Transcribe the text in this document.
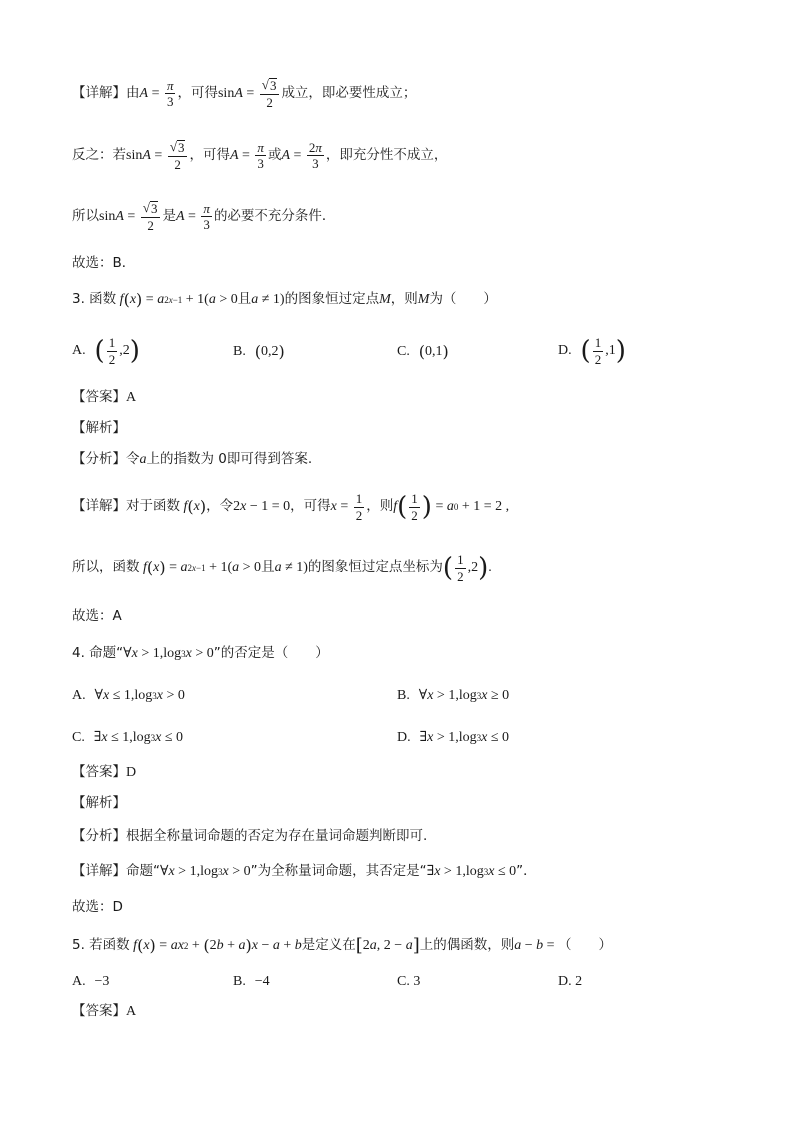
【详解】 由 $A = \frac{\pi}{3}$ ，可得 $\sin A = \frac{√ 3}{2}$ 成立，即必要性成立；
反之：若 $\sin A = \frac{√ 3}{2}$ ，可得 $A = \frac{\pi}{3}$ 或 $A = \frac{2\pi}{3}$ ，即充分性不成立，
所以 $\sin A = \frac{√ 3}{2}$ 是 $A = \frac{\pi}{3}$ 的必要不充分条件．
故选：B．
3. 函数 f ( x ) = a 2x−1 + 1( a > 0 且 a ≠ 1) 的图象恒过定点 M ，则 M 为（　　）
A.
( $\frac{1}{2} ,2$ )	B.
( 0,2 )	C.
( 0,1 )	D.
( $\frac{1}{2} ,1$ )
【答案】 A
【解析】
【分析】 令 a 上的指数为 0即可得到答案.
【详解】 对于函数 f ( x ) ，令 2 x − 1 = 0 ，可得 $x = \frac{1}{2}$ ，则 f ( $\frac{1}{2}$ ) = a 0 + 1 = 2 ,
所以，函数 f ( x ) = a 2x−1 + 1( a > 0 且 a ≠ 1) 的图象恒过定点坐标为 ( $\frac{1}{2} ,2$ ) .
故选：A
4. 命题“ ∀ x > 1,log 3 x > 0 ”的否定是（　　）
A.
∀ x ≤ 1,log 3 x > 0	B.
∀ x > 1,log 3 x ≥ 0
C.
∃ x ≤ 1,log 3 x ≤ 0	D.
∃ x > 1,log 3 x ≤ 0
【答案】 D
【解析】
【分析】 根据全称量词命题的否定为存在量词命题判断即可.
【详解】 命题“ ∀ x > 1,log 3 x > 0 ”为全称量词命题，其否定是“ ∃ x > 1,log 3 x ≤ 0 ”．
故选：D
5. 若函数 f ( x ) = ax 2 + ( 2 b + a ) x − a + b 是定义在 [ 2 a , 2 − a ] 上的偶函数，则 a − b = （　　）
A.
−3	B.
−4	C. 3	D. 2
【答案】 A
